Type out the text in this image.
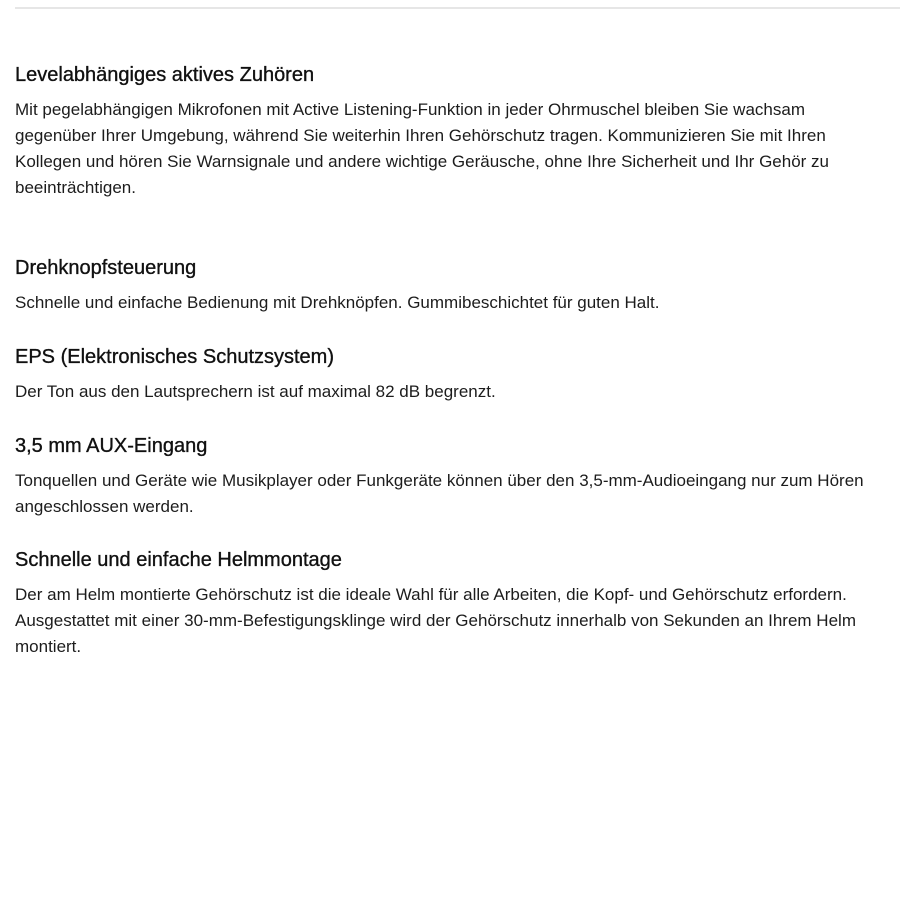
Levelabhängiges aktives Zuhören

Mit pegelabhängigen Mikrofonen mit Active Listening-Funktion in jeder Ohrmuschel bleiben Sie wachsam gegenüber Ihrer Umgebung, während Sie weiterhin Ihren Gehörschutz tragen. Kommunizieren Sie mit Ihren Kollegen und hören Sie Warnsignale und andere wichtige Geräusche, ohne Ihre Sicherheit und Ihr Gehör zu beeinträchtigen.

Drehknopfsteuerung

Schnelle und einfache Bedienung mit Drehknöpfen. Gummibeschichtet für guten Halt.

EPS (Elektronisches Schutzsystem)

Der Ton aus den Lautsprechern ist auf maximal 82 dB begrenzt.

3,5 mm AUX-Eingang

Tonquellen und Geräte wie Musikplayer oder Funkgeräte können über den 3,5-mm-Audioeingang nur zum Hören angeschlossen werden.

Schnelle und einfache Helmmontage

Der am Helm montierte Gehörschutz ist die ideale Wahl für alle Arbeiten, die Kopf- und Gehörschutz erfordern. Ausgestattet mit einer 30-mm-Befestigungsklinge wird der Gehörschutz innerhalb von Sekunden an Ihrem Helm montiert.
